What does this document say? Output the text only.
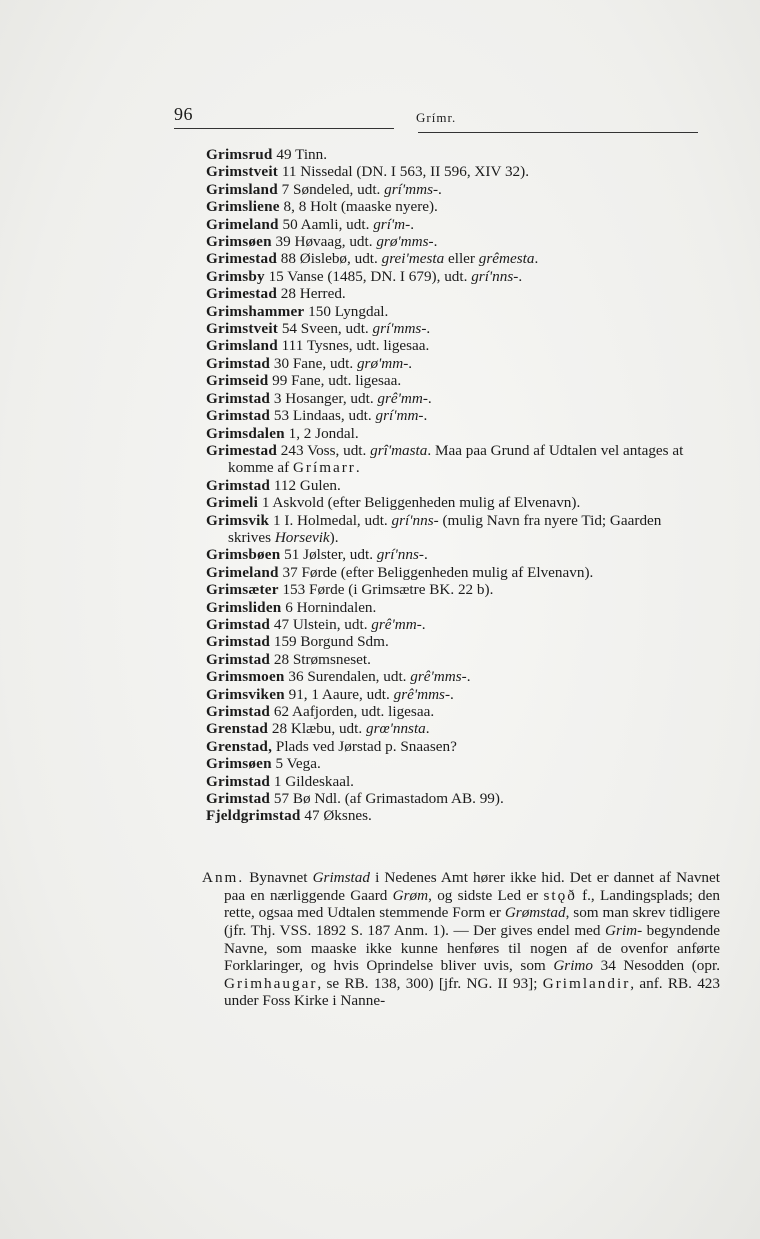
96	Grímr.

Grimsrud 49 Tinn.

Grimstveit 11 Nissedal (DN. I 563, II 596, XIV 32).

Grimsland 7 Søndeled, udt. grí'mms-.

Grimsliene 8, 8 Holt (maaske nyere).

Grimeland 50 Aamli, udt. grí'm-.

Grimsøen 39 Høvaag, udt. grø'mms-.

Grimestad 88 Øislebø, udt. grei'mesta eller grêmesta.

Grimsby 15 Vanse (1485, DN. I 679), udt. grí'nns-.

Grimestad 28 Herred.

Grimshammer 150 Lyngdal.

Grimstveit 54 Sveen, udt. grí'mms-.

Grimsland 111 Tysnes, udt. ligesaa.

Grimstad 30 Fane, udt. grø'mm-.

Grimseid 99 Fane, udt. ligesaa.

Grimstad 3 Hosanger, udt. grê'mm-.

Grimstad 53 Lindaas, udt. grí'mm-.

Grimsdalen 1, 2 Jondal.

Grimestad 243 Voss, udt. grî'masta. Maa paa Grund af Udtalen vel antages at komme af Grímarr.

Grimstad 112 Gulen.

Grimeli 1 Askvold (efter Beliggenheden mulig af Elvenavn).

Grimsvik 1 I. Holmedal, udt. grí'nns- (mulig Navn fra nyere Tid; Gaarden skrives Horsevik).

Grimsbøen 51 Jølster, udt. grí'nns-.

Grimeland 37 Førde (efter Beliggenheden mulig af Elvenavn).

Grimsæter 153 Førde (i Grimsætre BK. 22 b).

Grimsliden 6 Hornindalen.

Grimstad 47 Ulstein, udt. grê'mm-.

Grimstad 159 Borgund Sdm.

Grimstad 28 Strømsneset.

Grimsmoen 36 Surendalen, udt. grê'mms-.

Grimsviken 91, 1 Aaure, udt. grê'mms-.

Grimstad 62 Aafjorden, udt. ligesaa.

Grenstad 28 Klæbu, udt. grœ'nnsta.

Grenstad, Plads ved Jørstad p. Snaasen?

Grimsøen 5 Vega.

Grimstad 1 Gildeskaal.

Grimstad 57 Bø Ndl. (af Grimastadom AB. 99).

Fjeldgrimstad 47 Øksnes.

Anm. Bynavnet Grimstad i Nedenes Amt hører ikke hid. Det er dannet af Navnet paa en nærliggende Gaard Grøm, og sidste Led er stǫð f., Landingsplads; den rette, ogsaa med Udtalen stemmende Form er Grømstad, som man skrev tidligere (jfr. Thj. VSS. 1892 S. 187 Anm. 1). — Der gives endel med Grim- begyndende Navne, som maaske ikke kunne henføres til nogen af de ovenfor anførte Forklaringer, og hvis Oprindelse bliver uvis, som Grimo 34 Nesodden (opr. Grimhaugar, se RB. 138, 300) [jfr. NG. II 93]; Grimlandir, anf. RB. 423 under Foss Kirke i Nanne-
